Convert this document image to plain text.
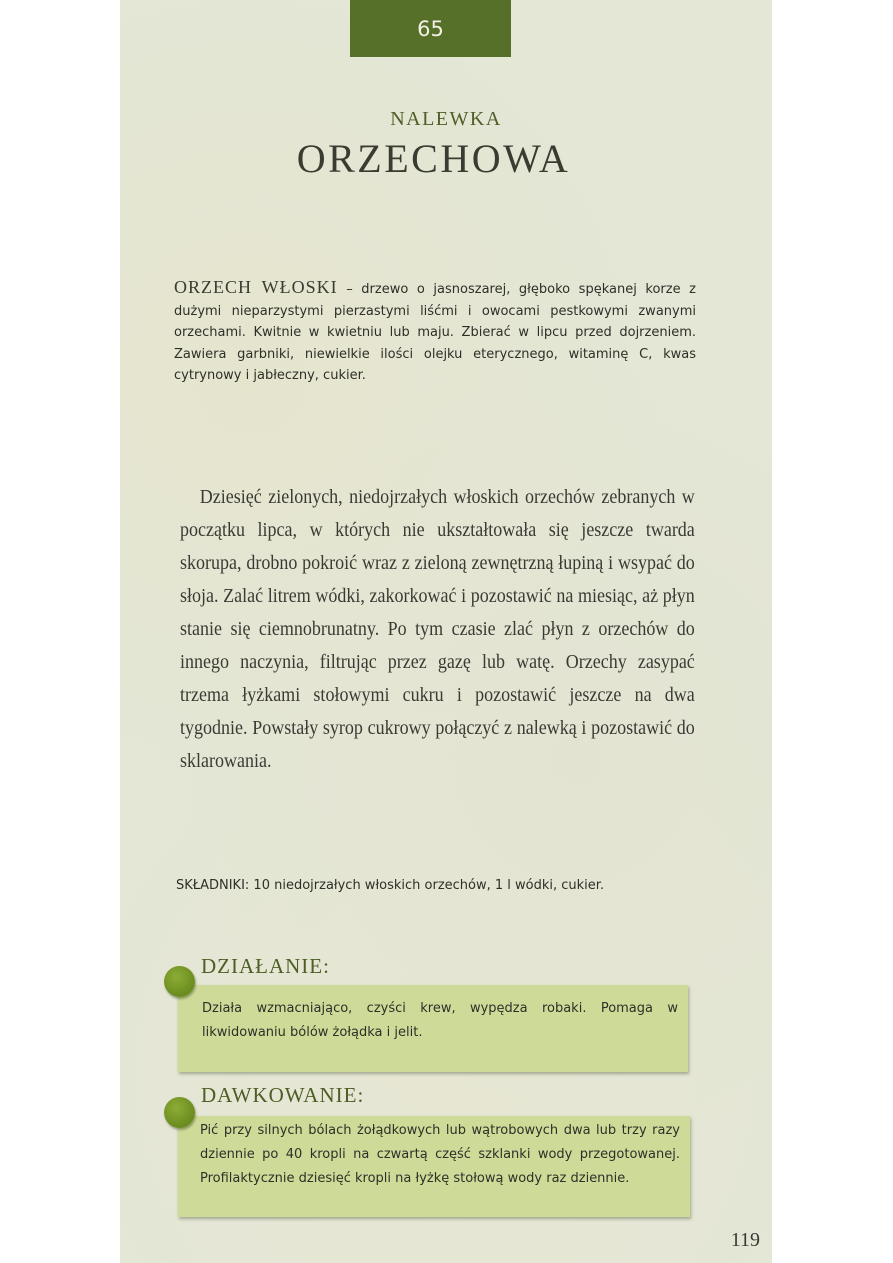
65
NALEWKA
ORZECHOWA
ORZECH WŁOSKI – drzewo o jasnoszarej, głęboko spękanej korze z dużymi nieparzystymi pierzastymi liśćmi i owocami pestkowymi zwanymi orzechami. Kwitnie w kwietniu lub maju. Zbierać w lipcu przed dojrzeniem. Zawiera garbniki, niewielkie ilości olejku eterycznego, witaminę C, kwas cytrynowy i jabłeczny, cukier.
Dziesięć zielonych, niedojrzałych włoskich orzechów zebranych w początku lipca, w których nie ukształtowała się jeszcze twarda skorupa, drobno pokroić wraz z zieloną zewnętrzną łupiną i wsypać do słoja. Zalać litrem wódki, zakorkować i pozostawić na miesiąc, aż płyn stanie się ciemnobrunatny. Po tym czasie zlać płyn z orzechów do innego naczynia, filtrując przez gazę lub watę. Orzechy zasypać trzema łyżkami stołowymi cukru i pozostawić jeszcze na dwa tygodnie. Powstały syrop cukrowy połączyć z nalewką i pozostawić do sklarowania.
SKŁADNIKI: 10 niedojrzałych włoskich orzechów, 1 l wódki, cukier.
Działa wzmacniająco, czyści krew, wypędza robaki. Pomaga w likwidowaniu bólów żołądka i jelit.
DZIAŁANIE:
Pić przy silnych bólach żołądkowych lub wątrobowych dwa lub trzy razy dziennie po 40 kropli na czwartą część szklanki wody przegotowanej. Profilaktycznie dziesięć kropli na łyżkę stołową wody raz dziennie.
DAWKOWANIE:
119
